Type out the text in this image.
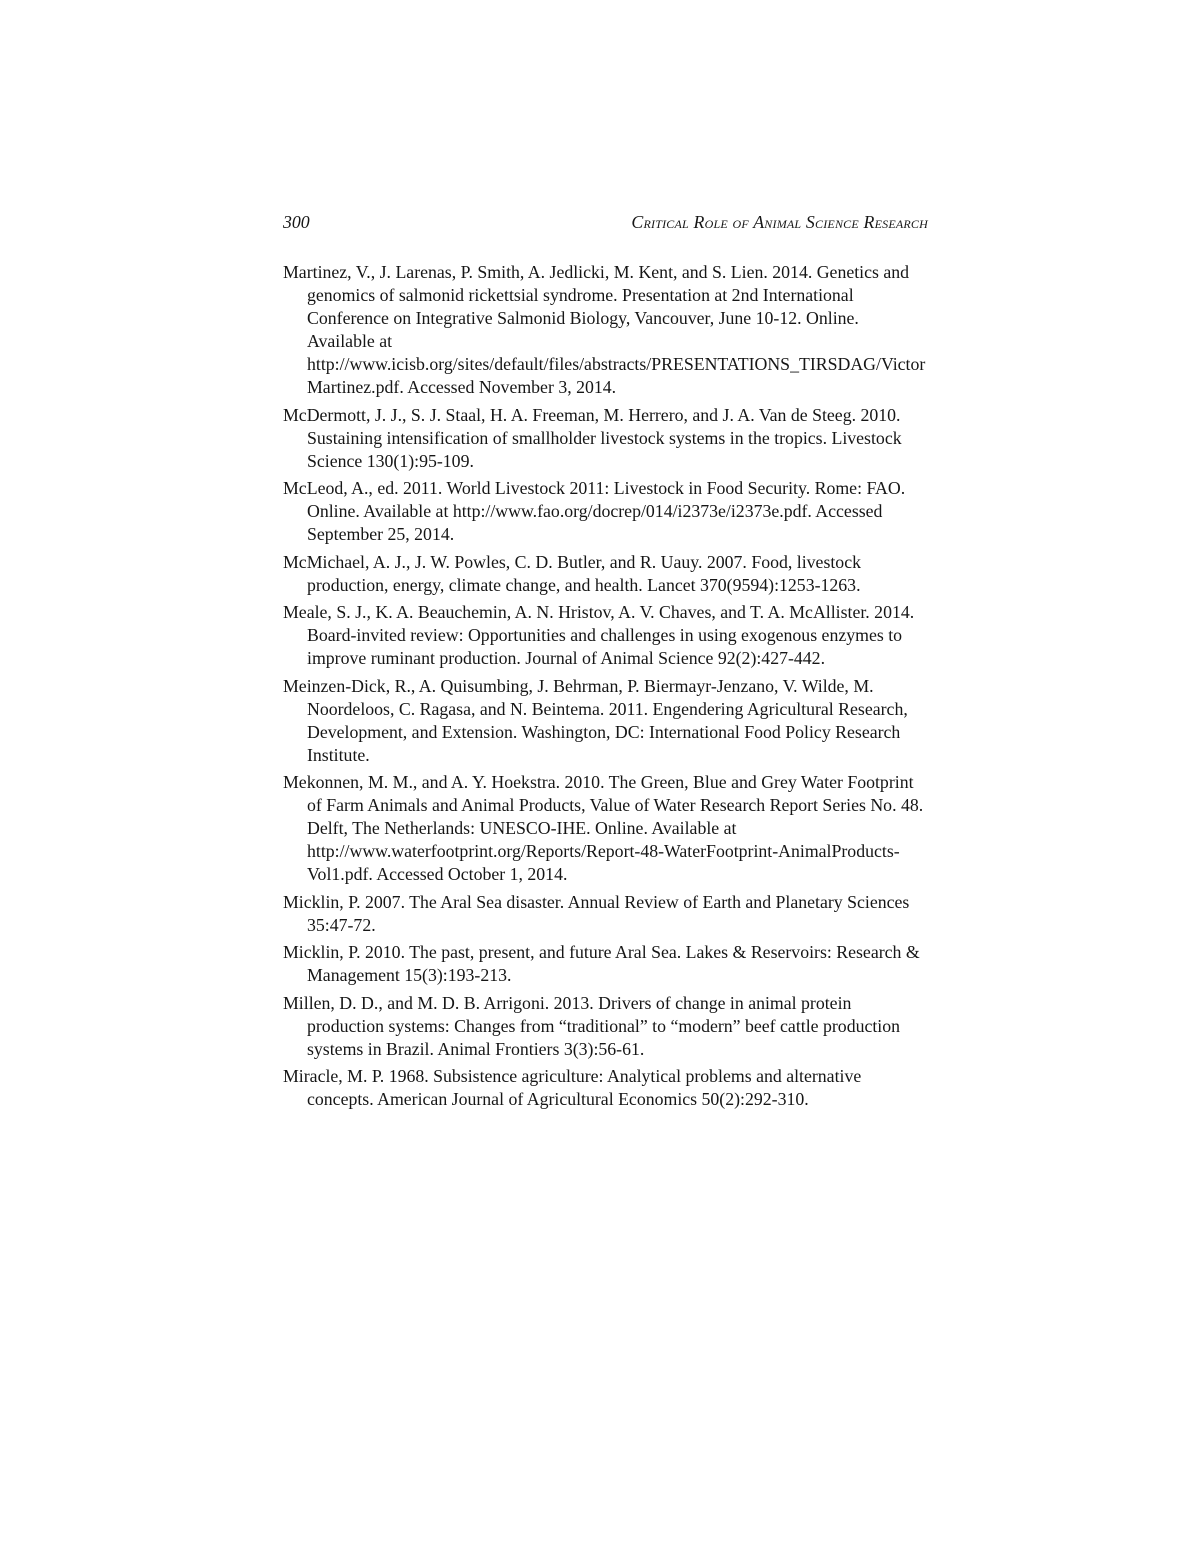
300	Critical Role of Animal Science Research

Martinez, V., J. Larenas, P. Smith, A. Jedlicki, M. Kent, and S. Lien. 2014. Genetics and genomics of salmonid rickettsial syndrome. Presentation at 2nd International Conference on Integrative Salmonid Biology, Vancouver, June 10-12. Online. Available at http://www.icisb.org/sites/default/files/abstracts/PRESENTATIONS_TIRSDAG/VictorMartinez.pdf. Accessed November 3, 2014.

McDermott, J. J., S. J. Staal, H. A. Freeman, M. Herrero, and J. A. Van de Steeg. 2010. Sustaining intensification of smallholder livestock systems in the tropics. Livestock Science 130(1):95-109.

McLeod, A., ed. 2011. World Livestock 2011: Livestock in Food Security. Rome: FAO. Online. Available at http://www.fao.org/docrep/014/i2373e/i2373e.pdf. Accessed September 25, 2014.

McMichael, A. J., J. W. Powles, C. D. Butler, and R. Uauy. 2007. Food, livestock production, energy, climate change, and health. Lancet 370(9594):1253-1263.

Meale, S. J., K. A. Beauchemin, A. N. Hristov, A. V. Chaves, and T. A. McAllister. 2014. Board-invited review: Opportunities and challenges in using exogenous enzymes to improve ruminant production. Journal of Animal Science 92(2):427-442.

Meinzen-Dick, R., A. Quisumbing, J. Behrman, P. Biermayr-Jenzano, V. Wilde, M. Noordeloos, C. Ragasa, and N. Beintema. 2011. Engendering Agricultural Research, Development, and Extension. Washington, DC: International Food Policy Research Institute.

Mekonnen, M. M., and A. Y. Hoekstra. 2010. The Green, Blue and Grey Water Footprint of Farm Animals and Animal Products, Value of Water Research Report Series No. 48. Delft, The Netherlands: UNESCO-IHE. Online. Available at http://www.waterfootprint.org/Reports/Report-48-WaterFootprint-AnimalProducts-Vol1.pdf. Accessed October 1, 2014.

Micklin, P. 2007. The Aral Sea disaster. Annual Review of Earth and Planetary Sciences 35:47-72.

Micklin, P. 2010. The past, present, and future Aral Sea. Lakes & Reservoirs: Research & Management 15(3):193-213.

Millen, D. D., and M. D. B. Arrigoni. 2013. Drivers of change in animal protein production systems: Changes from “traditional” to “modern” beef cattle production systems in Brazil. Animal Frontiers 3(3):56-61.

Miracle, M. P. 1968. Subsistence agriculture: Analytical problems and alternative concepts. American Journal of Agricultural Economics 50(2):292-310.
